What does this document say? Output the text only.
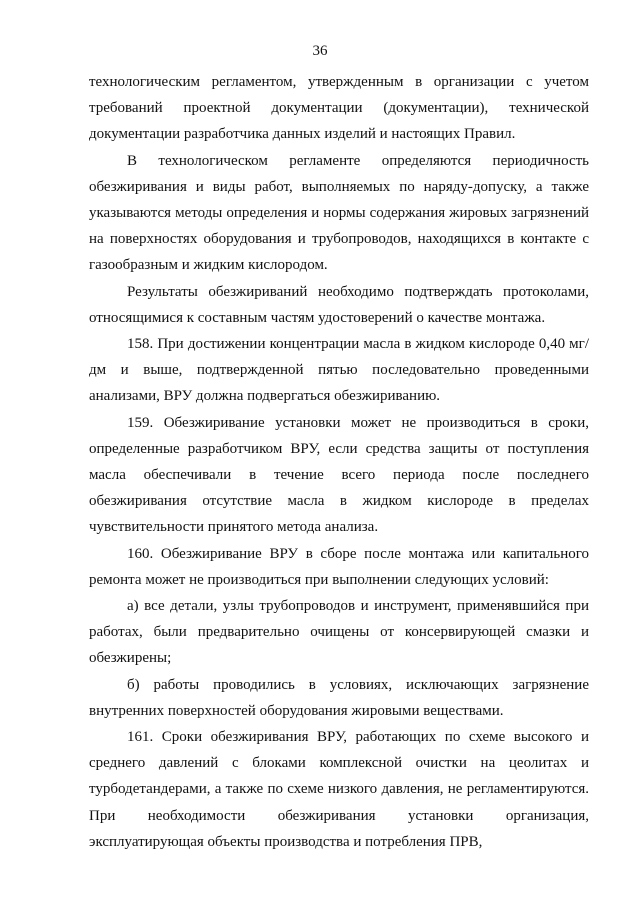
36

технологическим регламентом, утвержденным в организации с учетом требований проектной документации (документации), технической документации разработчика данных изделий и настоящих Правил.

В технологическом регламенте определяются периодичность обезжиривания и виды работ, выполняемых по наряду-допуску, а также указываются методы определения и нормы содержания жировых загрязнений на поверхностях оборудования и трубопроводов, находящихся в контакте с газообразным и жидким кислородом.

Результаты обезжириваний необходимо подтверждать протоколами, относящимися к составным частям удостоверений о качестве монтажа.

158. При достижении концентрации масла в жидком кислороде 0,40 мг/дм и выше, подтвержденной пятью последовательно проведенными анализами, ВРУ должна подвергаться обезжириванию.

159. Обезжиривание установки может не производиться в сроки, определенные разработчиком ВРУ, если средства защиты от поступления масла обеспечивали в течение всего периода после последнего обезжиривания отсутствие масла в жидком кислороде в пределах чувствительности принятого метода анализа.

160. Обезжиривание ВРУ в сборе после монтажа или капитального ремонта может не производиться при выполнении следующих условий:

а) все детали, узлы трубопроводов и инструмент, применявшийся при работах, были предварительно очищены от консервирующей смазки и обезжирены;

б) работы проводились в условиях, исключающих загрязнение внутренних поверхностей оборудования жировыми веществами.

161. Сроки обезжиривания ВРУ, работающих по схеме высокого и среднего давлений с блоками комплексной очистки на цеолитах и турбодетандерами, а также по схеме низкого давления, не регламентируются. При необходимости обезжиривания установки организация, эксплуатирующая объекты производства и потребления ПРВ,
